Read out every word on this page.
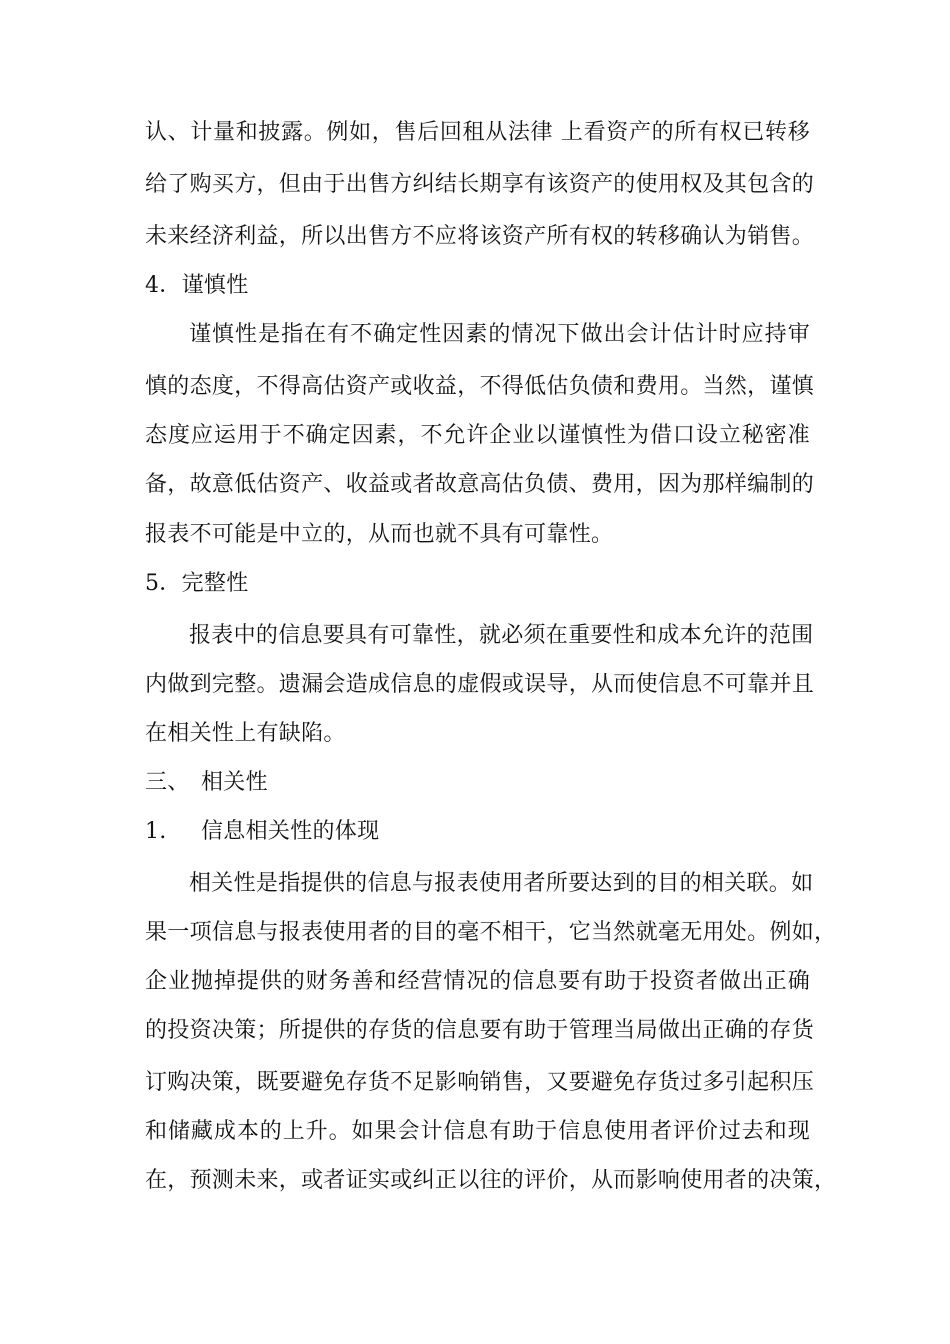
认、计量和披露。例如，售后回租从法律 上看资产的所有权已转移
给了购买方，但由于出售方纠结长期享有该资产的使用权及其包含的
未来经济利益，所以出售方不应将该资产所有权的转移确认为销售。
4．谨慎性
谨慎性是指在有不确定性因素的情况下做出会计估计时应持审
慎的态度，不得高估资产或收益，不得低估负债和费用。当然，谨慎
态度应运用于不确定因素，不允许企业以谨慎性为借口设立秘密准
备，故意低估资产、收益或者故意高估负债、费用，因为那样编制的
报表不可能是中立的，从而也就不具有可靠性。
5．完整性
报表中的信息要具有可靠性，就必须在重要性和成本允许的范围
内做到完整。遗漏会造成信息的虚假或误导，从而使信息不可靠并且
在相关性上有缺陷。
三、 相关性
1. 信息相关性的体现
相关性是指提供的信息与报表使用者所要达到的目的相关联。如
果一项信息与报表使用者的目的毫不相干，它当然就毫无用处。例如，
企业抛掉提供的财务善和经营情况的信息要有助于投资者做出正确
的投资决策；所提供的存货的信息要有助于管理当局做出正确的存货
订购决策，既要避免存货不足影响销售，又要避免存货过多引起积压
和储藏成本的上升。如果会计信息有助于信息使用者评价过去和现
在，预测未来，或者证实或纠正以往的评价，从而影响使用者的决策，
